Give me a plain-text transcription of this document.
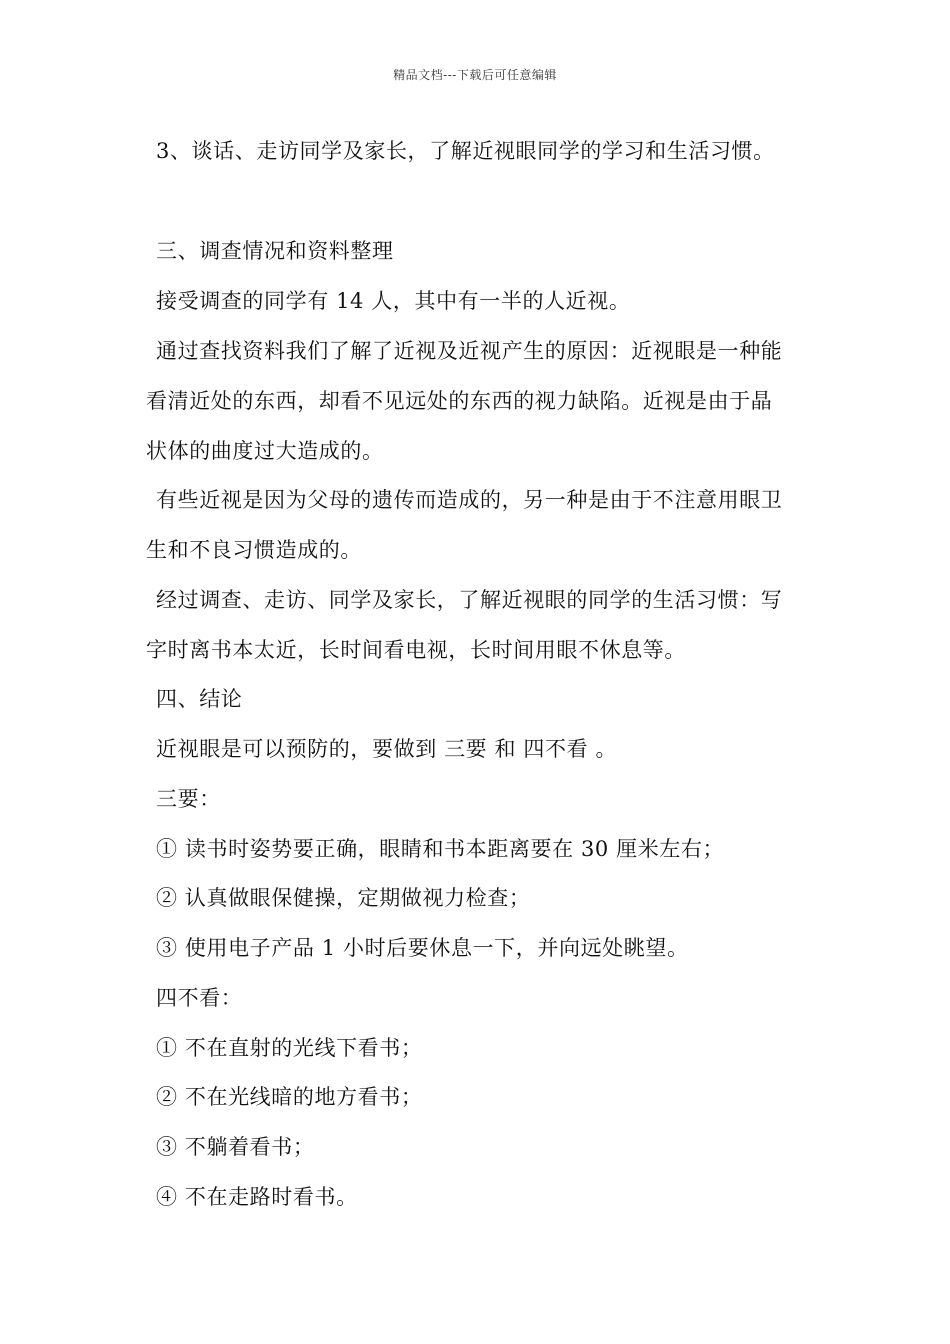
精品文档---下载后可任意编辑
3、谈话、走访同学及家长，了解近视眼同学的学习和生活习惯。
三、调查情况和资料整理
接受调查的同学有 14 人，其中有一半的人近视。
通过查找资料我们了解了近视及近视产生的原因：近视眼是一种能
看清近处的东西，却看不见远处的东西的视力缺陷。近视是由于晶
状体的曲度过大造成的。
有些近视是因为父母的遗传而造成的，另一种是由于不注意用眼卫
生和不良习惯造成的。
经过调查、走访、同学及家长，了解近视眼的同学的生活习惯：写
字时离书本太近，长时间看电视，长时间用眼不休息等。
四、结论
近视眼是可以预防的，要做到 三要 和 四不看 。
三要：
① 读书时姿势要正确，眼睛和书本距离要在 30 厘米左右；
② 认真做眼保健操，定期做视力检查；
③ 使用电子产品 1 小时后要休息一下，并向远处眺望。
四不看：
① 不在直射的光线下看书；
② 不在光线暗的地方看书；
③ 不躺着看书；
④ 不在走路时看书。
